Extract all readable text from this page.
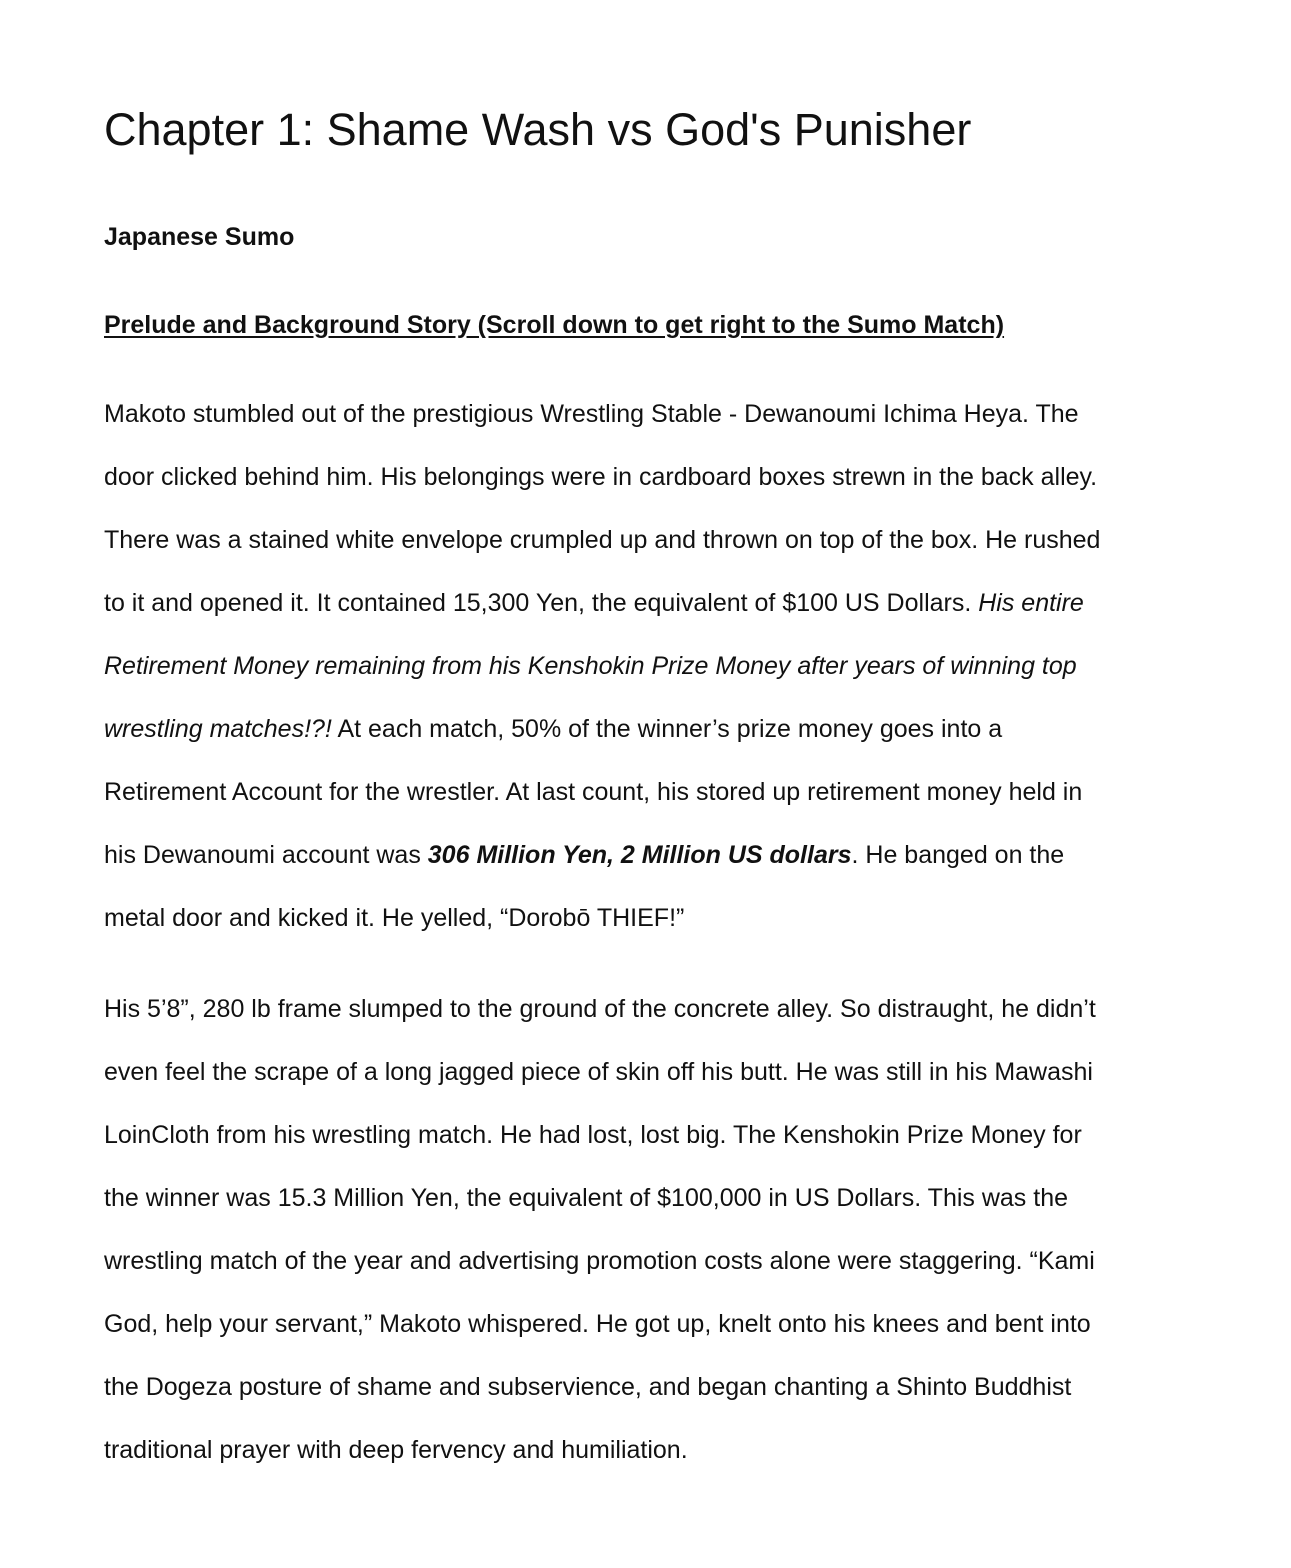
Chapter 1: Shame Wash vs God's Punisher
Japanese Sumo
Prelude and Background Story (Scroll down to get right to the Sumo Match)

Makoto stumbled out of the prestigious Wrestling Stable - Dewanoumi Ichima Heya. The
door clicked behind him. His belongings were in cardboard boxes strewn in the back alley.
There was a stained white envelope crumpled up and thrown on top of the box. He rushed
to it and opened it. It contained 15,300 Yen, the equivalent of $100 US Dollars. His entire
Retirement Money remaining from his Kenshokin Prize Money after years of winning top
wrestling matches!?! At each match, 50% of the winner’s prize money goes into a
Retirement Account for the wrestler. At last count, his stored up retirement money held in
his Dewanoumi account was 306 Million Yen, 2 Million US dollars. He banged on the
metal door and kicked it. He yelled, “Dorobō THIEF!”

His 5’8”, 280 lb frame slumped to the ground of the concrete alley. So distraught, he didn’t
even feel the scrape of a long jagged piece of skin off his butt. He was still in his Mawashi
LoinCloth from his wrestling match. He had lost, lost big. The Kenshokin Prize Money for
the winner was 15.3 Million Yen, the equivalent of $100,000 in US Dollars. This was the
wrestling match of the year and advertising promotion costs alone were staggering. “Kami
God, help your servant,” Makoto whispered. He got up, knelt onto his knees and bent into
the Dogeza posture of shame and subservience, and began chanting a Shinto Buddhist
traditional prayer with deep fervency and humiliation.
